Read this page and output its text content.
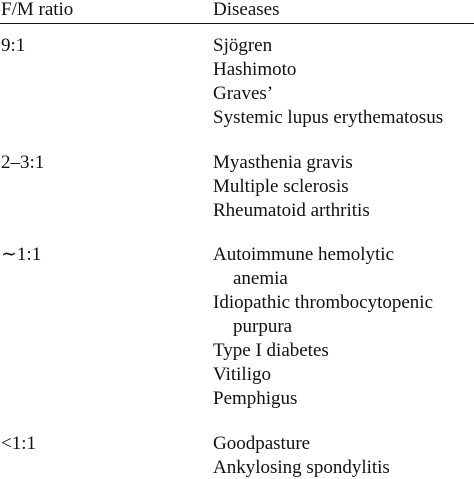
F/M ratio	Diseases
9:1	Sjögren
Hashimoto
Graves’
Systemic lupus erythematosus
2–3:1	Myasthenia gravis
Multiple sclerosis
Rheumatoid arthritis
∼1:1	Autoimmune hemolytic
anemia
Idiopathic thrombocytopenic
purpura
Type I diabetes
Vitiligo
Pemphigus
<1:1	Goodpasture
Ankylosing spondylitis
